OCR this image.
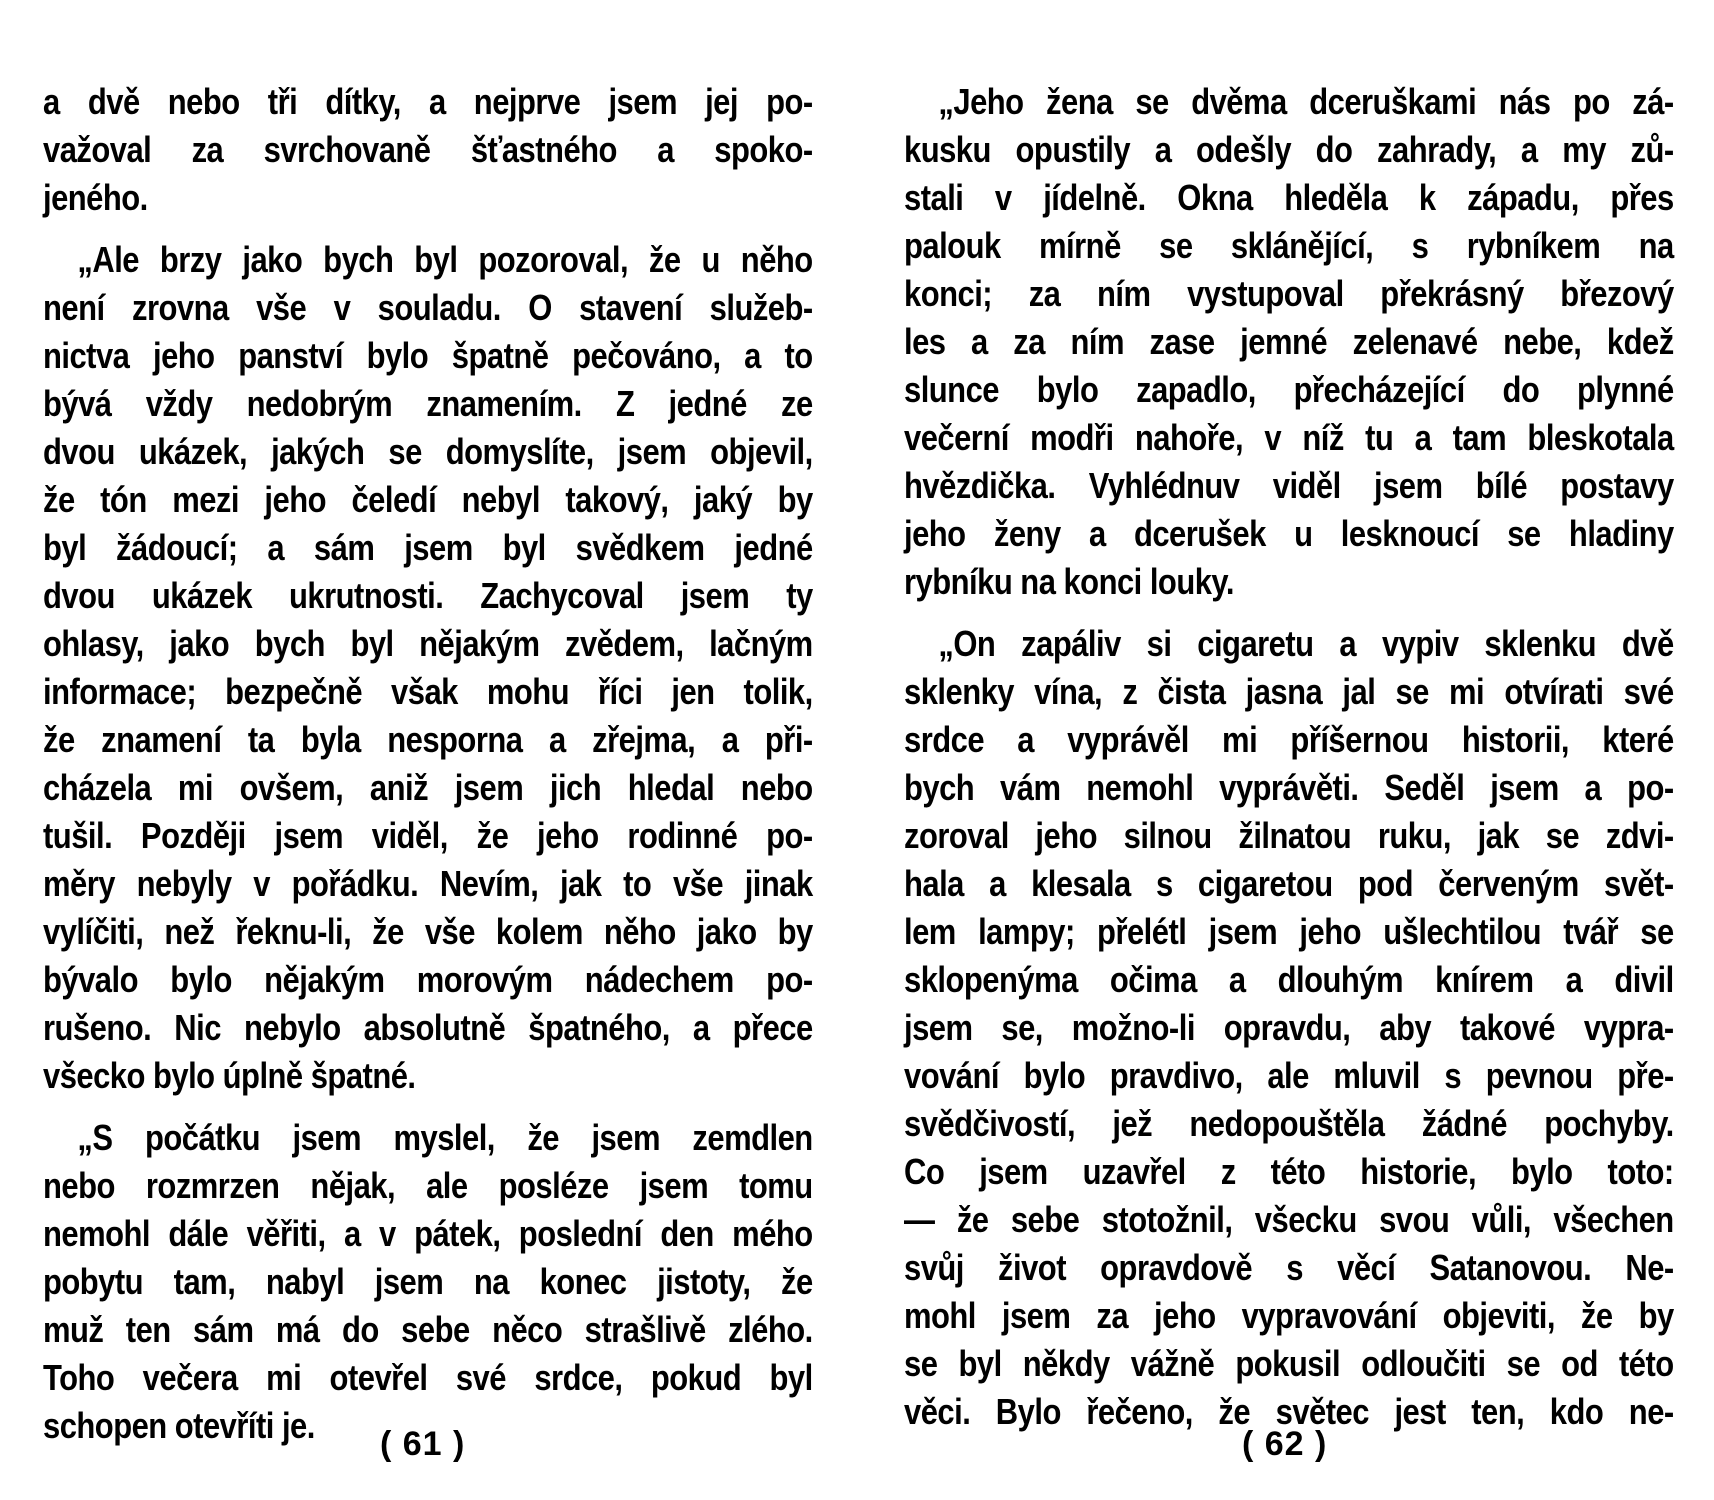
a dvě nebo tři dítky, a nejprve jsem jej po-
važoval za svrchovaně šťastného a spoko-
jeného.
„Ale brzy jako bych byl pozoroval, že u něho
není zrovna vše v souladu. O stavení služeb-
nictva jeho panství bylo špatně pečováno, a to
bývá vždy nedobrým znamením. Z jedné ze
dvou ukázek, jakých se domyslíte, jsem objevil,
že tón mezi jeho čeledí nebyl takový, jaký by
byl žádoucí; a sám jsem byl svědkem jedné
dvou ukázek ukrutnosti. Zachycoval jsem ty
ohlasy, jako bych byl nějakým zvědem, lačným
informace; bezpečně však mohu říci jen tolik,
že znamení ta byla nesporna a zřejma, a při-
cházela mi ovšem, aniž jsem jich hledal nebo
tušil. Později jsem viděl, že jeho rodinné po-
měry nebyly v pořádku. Nevím, jak to vše jinak
vylíčiti, než řeknu-li, že vše kolem něho jako by
bývalo bylo nějakým morovým nádechem po-
rušeno. Nic nebylo absolutně špatného, a přece
všecko bylo úplně špatné.
„S počátku jsem myslel, že jsem zemdlen
nebo rozmrzen nějak, ale posléze jsem tomu
nemohl dále věřiti, a v pátek, poslední den mého
pobytu tam, nabyl jsem na konec jistoty, že
muž ten sám má do sebe něco strašlivě zlého.
Toho večera mi otevřel své srdce, pokud byl
schopen otevříti je.
„Jeho žena se dvěma dceruškami nás po zá-
kusku opustily a odešly do zahrady, a my zů-
stali v jídelně. Okna hleděla k západu, přes
palouk mírně se sklánějící, s rybníkem na
konci; za ním vystupoval překrásný březový
les a za ním zase jemné zelenavé nebe, kdež
slunce bylo zapadlo, přecházející do plynné
večerní modři nahoře, v níž tu a tam bleskotala
hvězdička. Vyhlédnuv viděl jsem bílé postavy
jeho ženy a dcerušek u lesknoucí se hladiny
rybníku na konci louky.
„On zapáliv si cigaretu a vypiv sklenku dvě
sklenky vína, z čista jasna jal se mi otvírati své
srdce a vyprávěl mi příšernou historii, které
bych vám nemohl vyprávěti. Seděl jsem a po-
zoroval jeho silnou žilnatou ruku, jak se zdvi-
hala a klesala s cigaretou pod červeným svět-
lem lampy; přelétl jsem jeho ušlechtilou tvář se
sklopenýma očima a dlouhým knírem a divil
jsem se, možno-li opravdu, aby takové vypra-
vování bylo pravdivo, ale mluvil s pevnou pře-
svědčivostí, jež nedopouštěla žádné pochyby.
Co jsem uzavřel z této historie, bylo toto:
— že sebe stotožnil, všecku svou vůli, všechen
svůj život opravdově s věcí Satanovou. Ne-
mohl jsem za jeho vypravování objeviti, že by
se byl někdy vážně pokusil odloučiti se od této
věci. Bylo řečeno, že světec jest ten, kdo ne-
( 61 )	( 62 )
